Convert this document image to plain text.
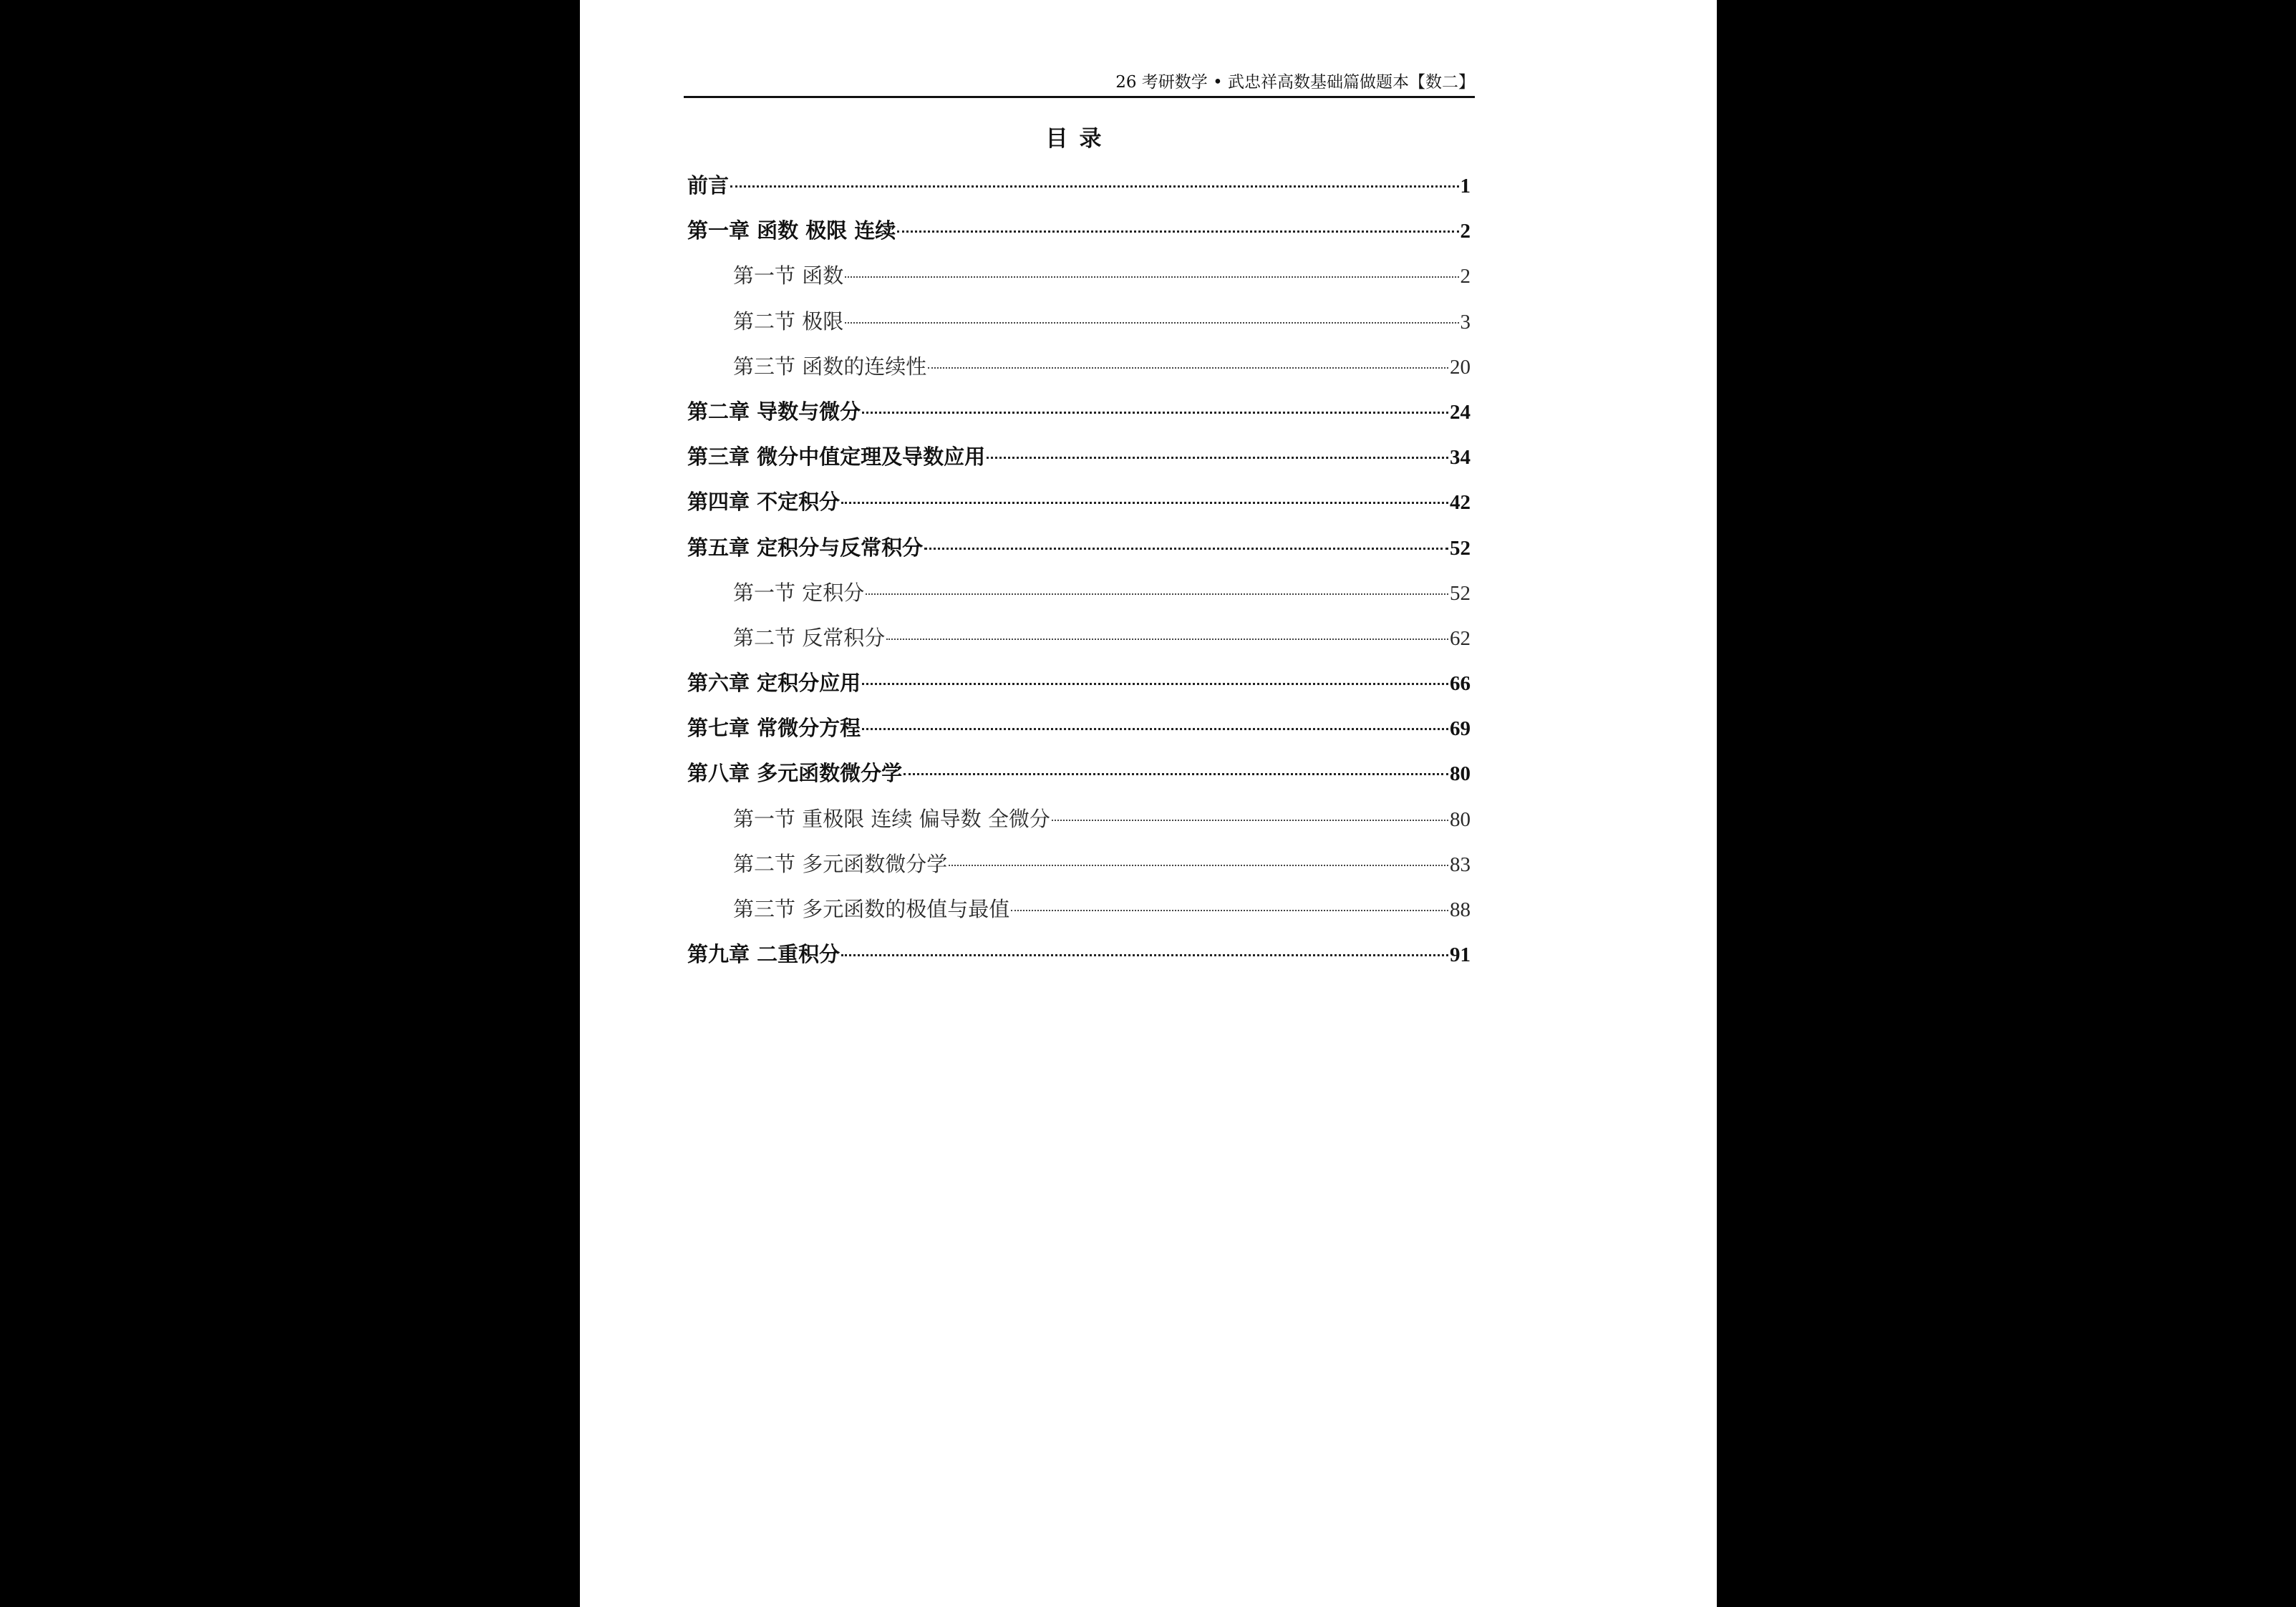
26 考研数学 • 武忠祥高数基础篇做题本【数二】
目录
前言	1
第一章 函数 极限 连续	2
第一节 函数	2
第二节 极限	3
第三节 函数的连续性	20
第二章 导数与微分	24
第三章 微分中值定理及导数应用	34
第四章 不定积分	42
第五章 定积分与反常积分	52
第一节 定积分	52
第二节 反常积分	62
第六章 定积分应用	66
第七章 常微分方程	69
第八章 多元函数微分学	80
第一节 重极限 连续 偏导数 全微分	80
第二节 多元函数微分学	83
第三节 多元函数的极值与最值	88
第九章 二重积分	91
